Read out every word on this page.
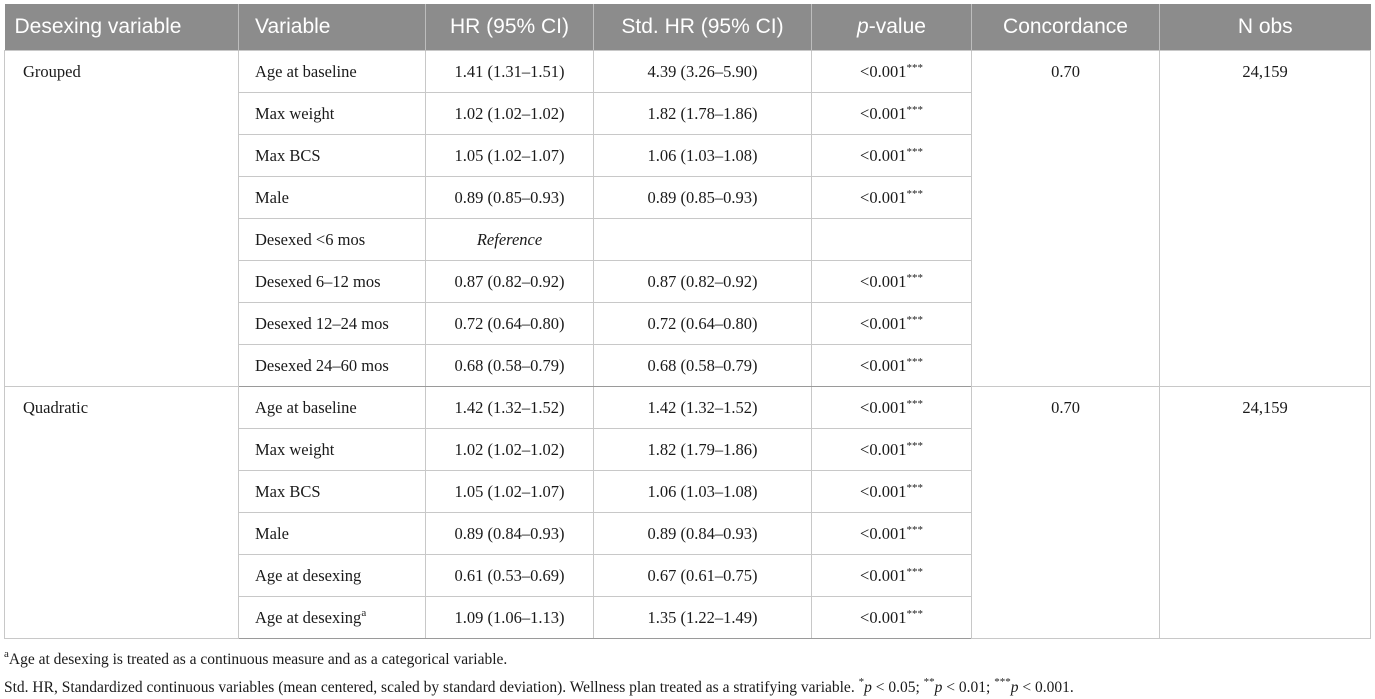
Desexing variable	Variable	HR (95% CI)	Std. HR (95% CI)	p-value	Concordance	N obs
Grouped	Age at baseline	1.41 (1.31–1.51)	4.39 (3.26–5.90)	<0.001***	0.70	24,159
	Max weight	1.02 (1.02–1.02)	1.82 (1.78–1.86)	<0.001***
	Max BCS	1.05 (1.02–1.07)	1.06 (1.03–1.08)	<0.001***
	Male	0.89 (0.85–0.93)	0.89 (0.85–0.93)	<0.001***
	Desexed <6 mos	Reference				
	Desexed 6–12 mos	0.87 (0.82–0.92)	0.87 (0.82–0.92)	<0.001***
	Desexed 12–24 mos	0.72 (0.64–0.80)	0.72 (0.64–0.80)	<0.001***
	Desexed 24–60 mos	0.68 (0.58–0.79)	0.68 (0.58–0.79)	<0.001***
Quadratic	Age at baseline	1.42 (1.32–1.52)	1.42 (1.32–1.52)	<0.001***	0.70	24,159
	Max weight	1.02 (1.02–1.02)	1.82 (1.79–1.86)	<0.001***
	Max BCS	1.05 (1.02–1.07)	1.06 (1.03–1.08)	<0.001***
	Male	0.89 (0.84–0.93)	0.89 (0.84–0.93)	<0.001***
	Age at desexing	0.61 (0.53–0.69)	0.67 (0.61–0.75)	<0.001***
	Age at desexing$^a$	1.09 (1.06–1.13)	1.35 (1.22–1.49)	<0.001***

$^a$Age at desexing is treated as a continuous measure and as a categorical variable.

Std. HR, Standardized continuous variables (mean centered, scaled by standard deviation). Wellness plan treated as a stratifying variable. *p < 0.05; **p < 0.01; ***p < 0.001.
